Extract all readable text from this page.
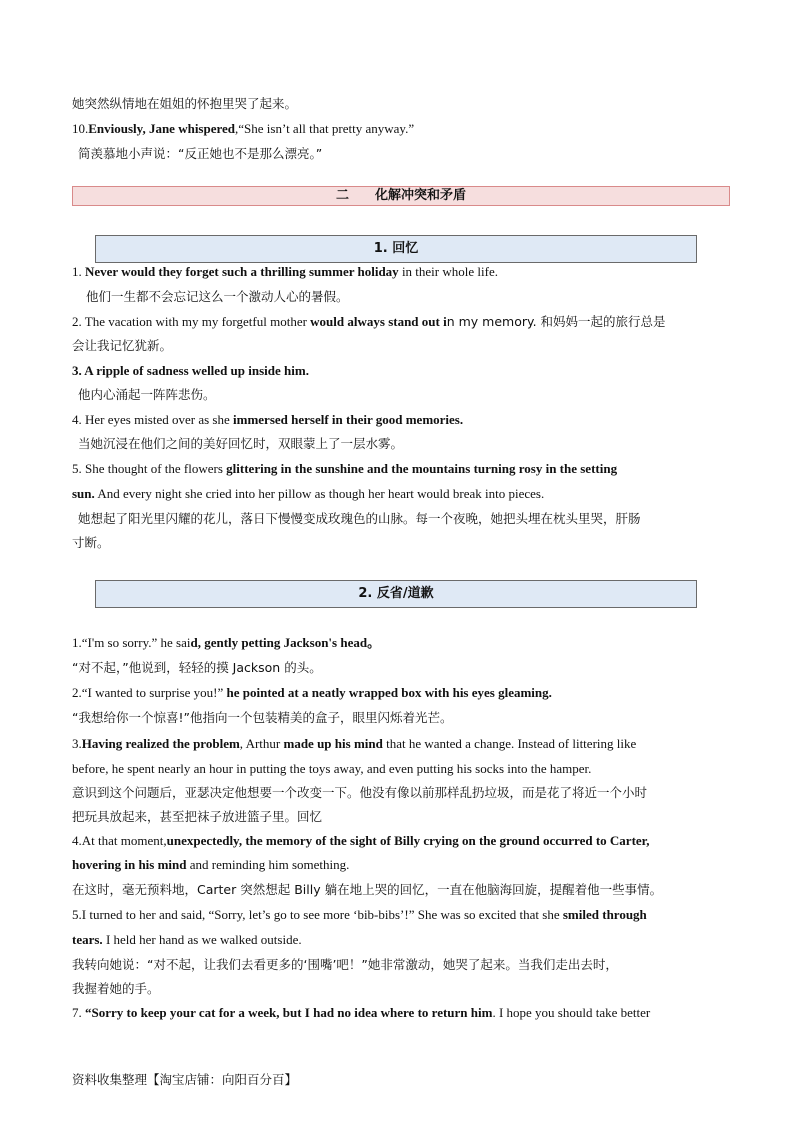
她突然纵情地在姐姐的怀抱里哭了起来。
10.Enviously, Jane whispered,“She isn’t all that pretty anyway.”
简羡慕地小声说：“反正她也不是那么漂亮。”
二　　化解冲突和矛盾
1. 回忆
1. Never would they forget such a thrilling summer holiday in their whole life.
他们一生都不会忘记这么一个激动人心的暑假。
2. The vacation with my my forgetful mother would always stand out in my memory. 和妈妈一起的旅行总是
会让我记忆犹新。
3. A ripple of sadness welled up inside him.
他内心涌起一阵阵悲伤。
4. Her eyes misted over as she immersed herself in their good memories.
当她沉浸在他们之间的美好回忆时，双眼蒙上了一层水雾。
5. She thought of the flowers glittering in the sunshine and the mountains turning rosy in the setting
sun. And every night she cried into her pillow as though her heart would break into pieces.
她想起了阳光里闪耀的花儿，落日下慢慢变成玫瑰色的山脉。每一个夜晚，她把头埋在枕头里哭，肝肠
寸断。
2. 反省/道歉
1.“I'm so sorry.” he said, gently petting Jackson's head。
“对不起，”他说到，轻轻的摸 Jackson 的头。
2.“I wanted to surprise you!” he pointed at a neatly wrapped box with his eyes gleaming.
“我想给你一个惊喜!”他指向一个包装精美的盒子，眼里闪烁着光芒。
3.Having realized the problem, Arthur made up his mind that he wanted a change. Instead of littering like
before, he spent nearly an hour in putting the toys away, and even putting his socks into the hamper.
意识到这个问题后，亚瑟决定他想要一个改变一下。他没有像以前那样乱扔垃圾，而是花了将近一个小时
把玩具放起来，甚至把袜子放进篮子里。回忆
4.At that moment,unexpectedly, the memory of the sight of Billy crying on the ground occurred to Carter,
hovering in his mind and reminding him something.
在这时，毫无预料地，Carter 突然想起 Billy 躺在地上哭的回忆，一直在他脑海回旋，提醒着他一些事情。
5.I turned to her and said, “Sorry, let’s go to see more ‘bib-bibs’!” She was so excited that she smiled through
tears. I held her hand as we walked outside.
我转向她说：“对不起，让我们去看更多的‘围嘴’吧！”她非常激动，她哭了起来。当我们走出去时，
我握着她的手。
7. “Sorry to keep your cat for a week, but I had no idea where to return him. I hope you should take better
资料收集整理【淘宝店铺：向阳百分百】
